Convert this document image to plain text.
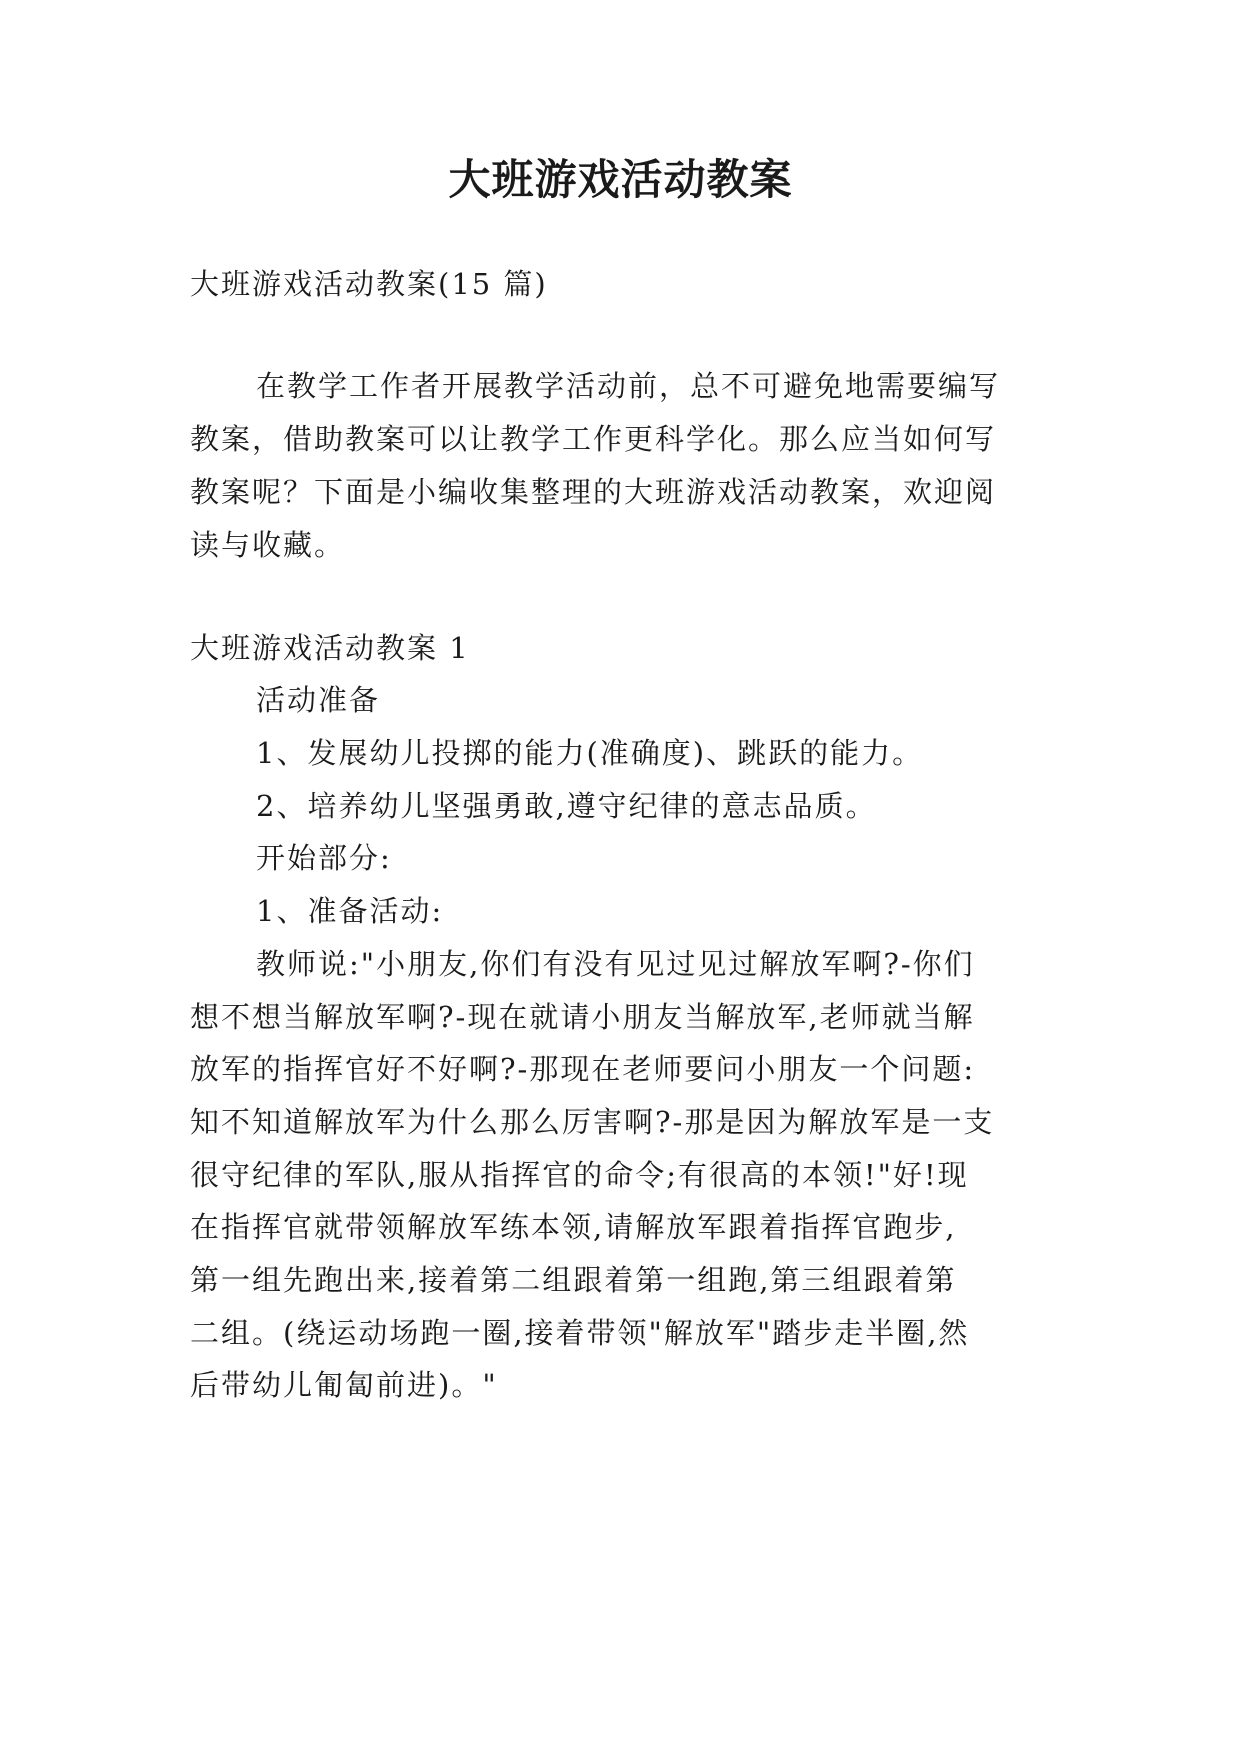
大班游戏活动教案
大班游戏活动教案(15 篇)
在教学工作者开展教学活动前，总不可避免地需要编写
教案，借助教案可以让教学工作更科学化。那么应当如何写
教案呢？下面是小编收集整理的大班游戏活动教案，欢迎阅
读与收藏。
大班游戏活动教案 1
活动准备
1、发展幼儿投掷的能力(准确度)、跳跃的能力。
2、培养幼儿坚强勇敢,遵守纪律的意志品质。
开始部分:
1、准备活动:
教师说:"小朋友,你们有没有见过见过解放军啊?-你们
想不想当解放军啊?-现在就请小朋友当解放军,老师就当解
放军的指挥官好不好啊?-那现在老师要问小朋友一个问题:
知不知道解放军为什么那么厉害啊?-那是因为解放军是一支
很守纪律的军队,服从指挥官的命令;有很高的本领!"好!现
在指挥官就带领解放军练本领,请解放军跟着指挥官跑步,
第一组先跑出来,接着第二组跟着第一组跑,第三组跟着第
二组。(绕运动场跑一圈,接着带领"解放军"踏步走半圈,然
后带幼儿匍匐前进)。"
